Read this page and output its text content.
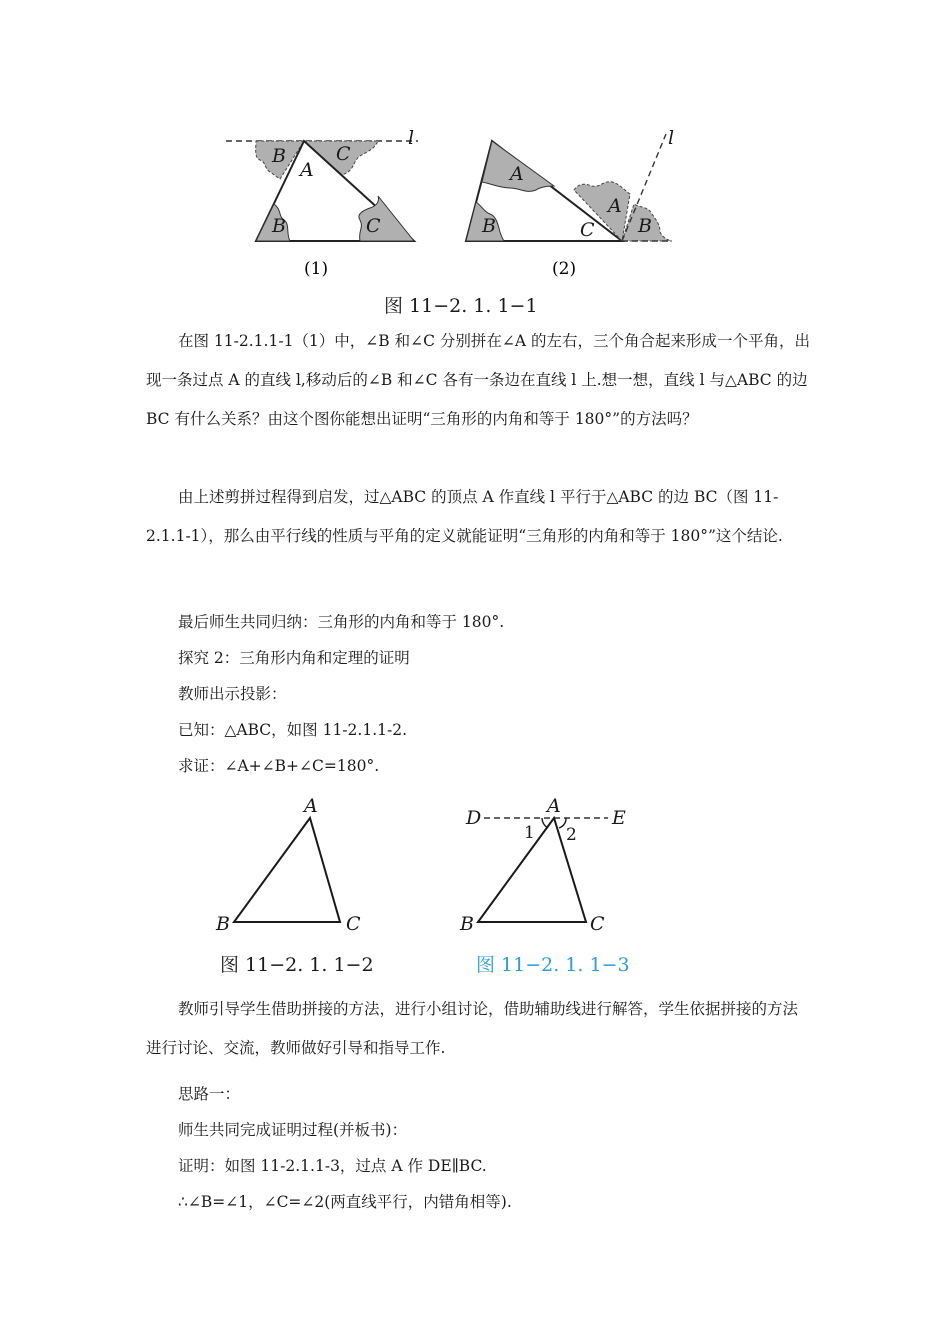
B	C
A
B	C
l
(1)
A
B	C
A
B
l
(2)
图 11−2. 1. 1−1

在图 11-2.1.1-1（1）中，∠B 和∠C 分别拼在∠A 的左右，三个角合起来形成一个平角，出现一条过点 A 的直线 l,移动后的∠B 和∠C 各有一条边在直线 l 上.想一想，直线 l 与△ABC 的边 BC 有什么关系？由这个图你能想出证明“三角形的内角和等于 180°”的方法吗？

由上述剪拼过程得到启发，过△ABC 的顶点 A 作直线 l 平行于△ABC 的边 BC（图 11-2.1.1-1），那么由平行线的性质与平角的定义就能证明“三角形的内角和等于 180°”这个结论.

最后师生共同归纳：三角形的内角和等于 180°.
探究 2：三角形内角和定理的证明
教师出示投影：
已知：△ABC，如图 11-2.1.1-2.
求证：∠A+∠B+∠C=180°.
A
B	C
图 11−2. 1. 1−2
D
A
E
B	C
1 2
图 11−2. 1. 1−3

教师引导学生借助拼接的方法，进行小组讨论，借助辅助线进行解答，学生依据拼接的方法进行讨论、交流，教师做好引导和指导工作.

思路一：
师生共同完成证明过程(并板书)：
证明：如图 11-2.1.1-3，过点 A 作 DE∥BC.
∴∠B=∠1，∠C=∠2(两直线平行，内错角相等).
